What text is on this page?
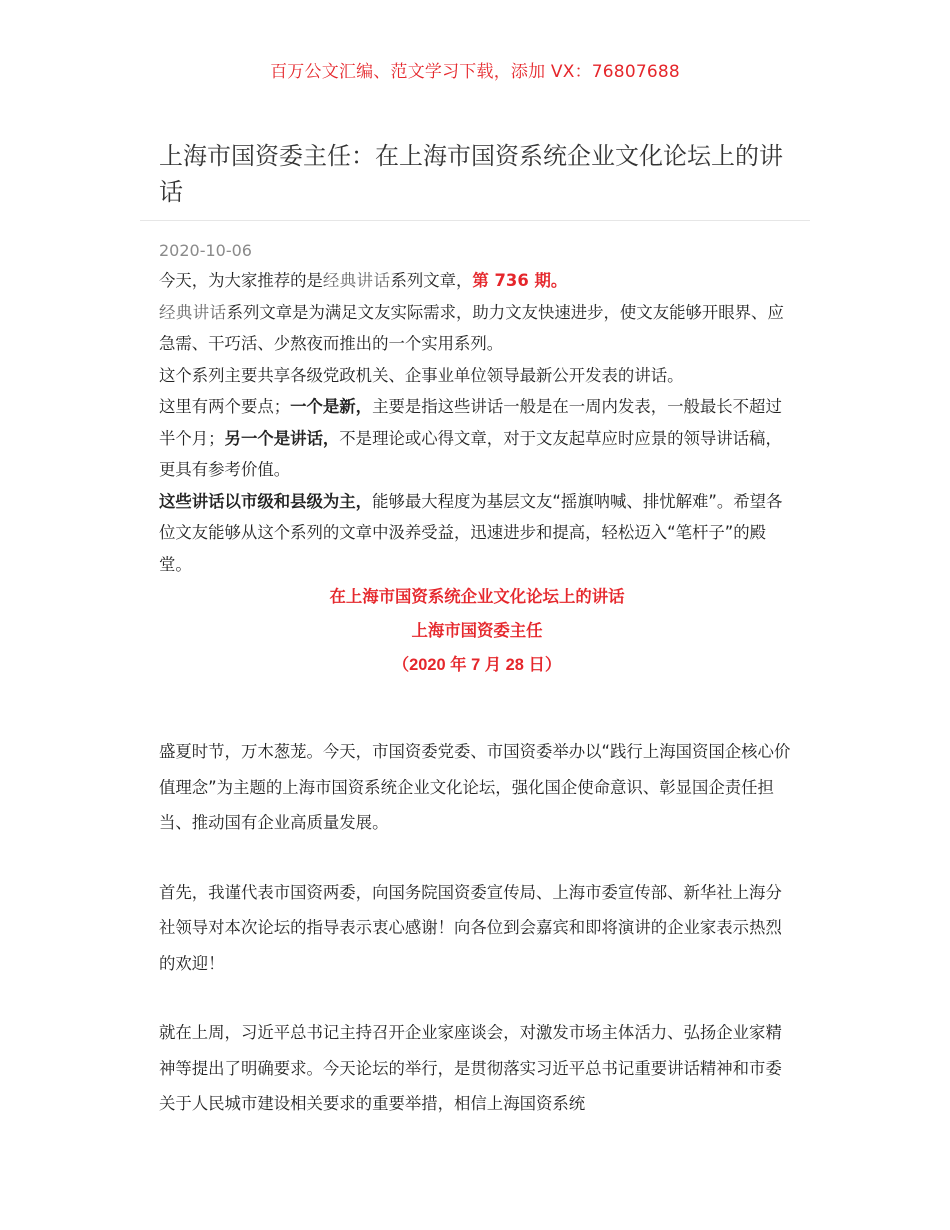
百万公文汇编、范文学习下载，添加 VX：76807688
上海市国资委主任：在上海市国资系统企业文化论坛上的讲话
2020-10-06

今天，为大家推荐的是经典讲话系列文章，第 736 期。

经典讲话系列文章是为满足文友实际需求，助力文友快速进步，使文友能够开眼界、应急需、干巧活、少熬夜而推出的一个实用系列。

这个系列主要共享各级党政机关、企事业单位领导最新公开发表的讲话。

这里有两个要点；一个是新，主要是指这些讲话一般是在一周内发表，一般最长不超过半个月；另一个是讲话，不是理论或心得文章，对于文友起草应时应景的领导讲话稿，更具有参考价值。

这些讲话以市级和县级为主，能够最大程度为基层文友“摇旗呐喊、排忧解难”。希望各位文友能够从这个系列的文章中汲养受益，迅速进步和提高，轻松迈入“笔杆子”的殿堂。

在上海市国资系统企业文化论坛上的讲话
上海市国资委主任
（2020 年 7 月 28 日）

盛夏时节，万木葱茏。今天，市国资委党委、市国资委举办以“践行上海国资国企核心价值理念”为主题的上海市国资系统企业文化论坛，强化国企使命意识、彰显国企责任担当、推动国有企业高质量发展。

首先，我谨代表市国资两委，向国务院国资委宣传局、上海市委宣传部、新华社上海分社领导对本次论坛的指导表示衷心感谢！向各位到会嘉宾和即将演讲的企业家表示热烈的欢迎！

就在上周，习近平总书记主持召开企业家座谈会，对激发市场主体活力、弘扬企业家精神等提出了明确要求。今天论坛的举行，是贯彻落实习近平总书记重要讲话精神和市委关于人民城市建设相关要求的重要举措，相信上海国资系统
